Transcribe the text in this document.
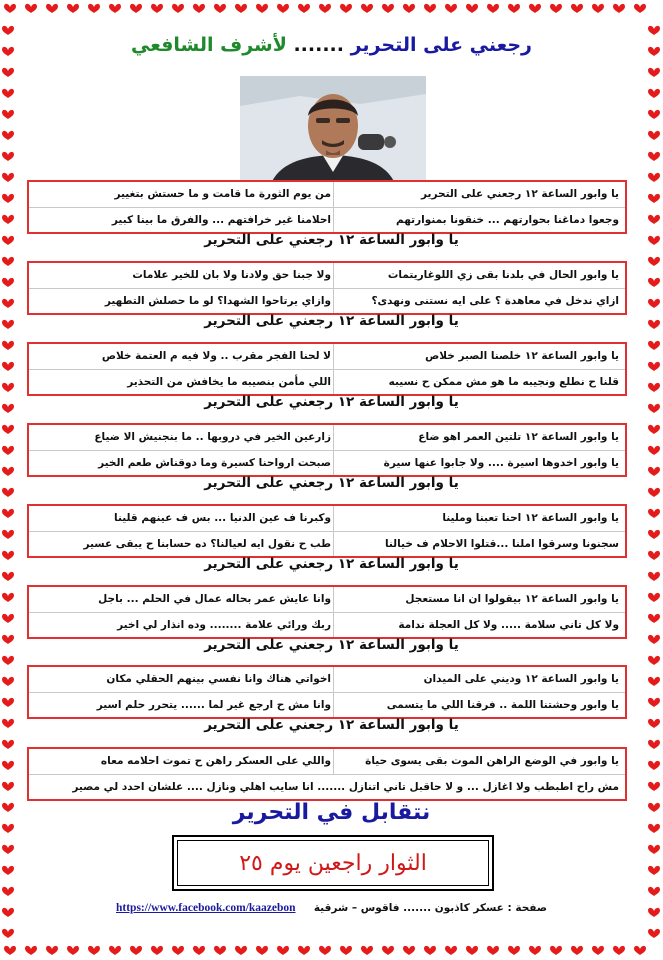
رجعني على التحرير ....... لأشرف الشافعي
يا وابور الساعة ١٢ رجعني على التحرير
من يوم الثورة ما قامت و ما حستش بتغيير
وجعوا دماغنا بحوارتهم ... خنقونا بمنوارتهم
احلامنا غير خرافتهم ... والفرق ما بينا كبير
يا وابور الساعة ١٢ رجعني على التحرير
يا وابور الحال في بلدنا بقى زي اللوغاريتمات
ولا جبنا حق ولادنا ولا بان للخير علامات
ازاي ندخل في معاهدة ؟ على ايه نستنى ونهدى؟
وازاي يرتاحوا الشهدا؟ لو ما حصلش التطهير
يا وابور الساعة ١٢ رجعني على التحرير
يا وابور الساعة ١٢ خلصنا الصبر خلاص
لا لحنا الفجر مقرب .. ولا فيه م العتمة خلاص
قلنا ح نطلع ونجيبه ما هو مش ممكن ح نسيبه
اللي مأمن بنصيبه ما يخافش من التحذير
يا وابور الساعة ١٢ رجعني على التحرير
يا وابور الساعة ١٢ تلتين العمر اهو ضاع
زارعين الخير في دروبها .. ما بنجنيش الا ضياع
يا وابور اخدوها اسيرة .... ولا جابوا عنها سيرة
صبحت ارواحنا كسيرة وما دوقناش طعم الخير
يا وابور الساعة ١٢ رجعني على التحرير
يا وابور الساعة ١٢ احنا تعبنا وملينا
وكبرنا ف عين الدنيا ... بس ف عينهم قلينا
سجنونا وسرقوا املنا ...قتلوا الاحلام ف خيالنا
طب ح نقول ايه لعيالنا؟ ده حسابنا ح يبقى عسير
يا وابور الساعة ١٢ رجعني على التحرير
يا وابور الساعة ١٢ بيقولوا ان انا مستعجل
وانا عايش عمر بحاله عمال في الحلم ... باجل
ولا كل تاني سلامة ..... ولا كل العجلة ندامة
ربك ورائي علامة ........ وده انذار لي اخير
يا وابور الساعة ١٢ رجعني على التحرير
يا وابور الساعة ١٢ وديني على الميدان
اخواتي هناك وانا نفسي بينهم الحقلي مكان
يا وابور وحشتنا اللمة .. فرقنا اللي ما يتسمى
وانا مش ح ارجع غير لما ...... يتحرر حلم اسير
يا وابور الساعة ١٢ رجعني على التحرير
يا وابور في الوضع الراهن الموت بقى يسوى حياة
واللي على العسكر راهن ح تموت احلامه معاه
مش راح اطبطب ولا اغازل ... و لا حاقبل تاني اتنازل ....... انا سايب اهلي ونازل .... علشان احدد لي مصير
نتقابل في التحرير
الثوار راجعين يوم ٢٥
صفحة : عسكر كاذبون ....... فاقوس – شرقية     https://www.facebook.com/kaazebon
